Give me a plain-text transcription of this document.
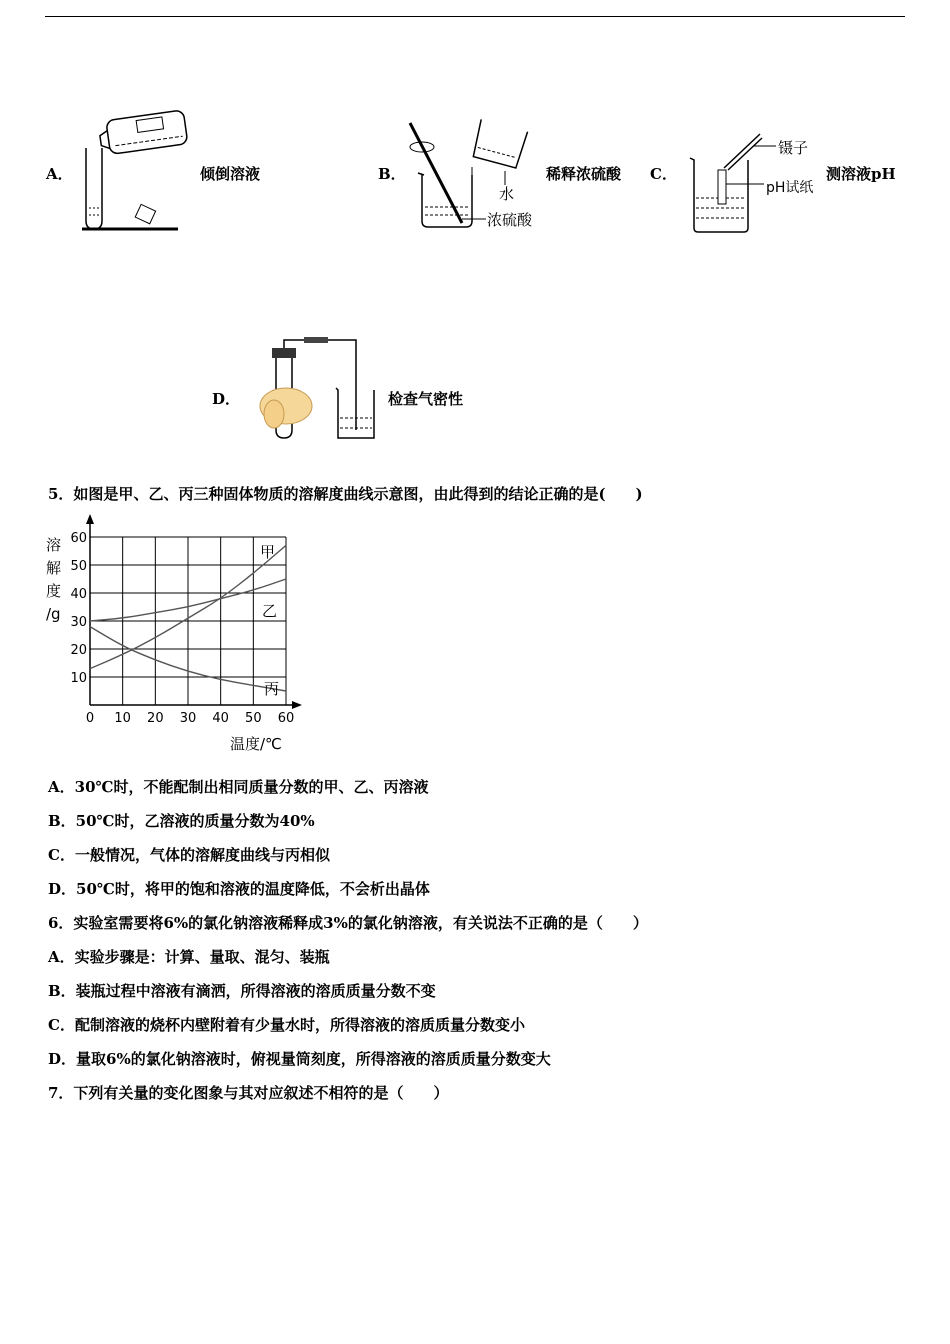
A．	倾倒溶液	B．
水
浓硫酸
稀释浓硫酸 C．
镊子
pH试纸
测溶液pH
D．	检查气密性
5．如图是甲、乙、丙三种固体物质的溶解度曲线示意图，由此得到的结论正确的是(　　)
0 10 20 30 40 50 60
10
20
30
40
50
60
甲
乙
丙
溶
解
度
/g
温度/℃
A．30℃时，不能配制出相同质量分数的甲、乙、丙溶液
B．50℃时，乙溶液的质量分数为40%
C．一般情况，气体的溶解度曲线与丙相似
D．50℃时，将甲的饱和溶液的温度降低，不会析出晶体
6．实验室需要将6%的氯化钠溶液稀释成3%的氯化钠溶液，有关说法不正确的是（　　）
A．实验步骤是：计算、量取、混匀、装瓶
B．装瓶过程中溶液有滴洒，所得溶液的溶质质量分数不变
C．配制溶液的烧杯内壁附着有少量水时，所得溶液的溶质质量分数变小
D．量取6%的氯化钠溶液时，俯视量筒刻度，所得溶液的溶质质量分数变大
7．下列有关量的变化图象与其对应叙述不相符的是（　　）
